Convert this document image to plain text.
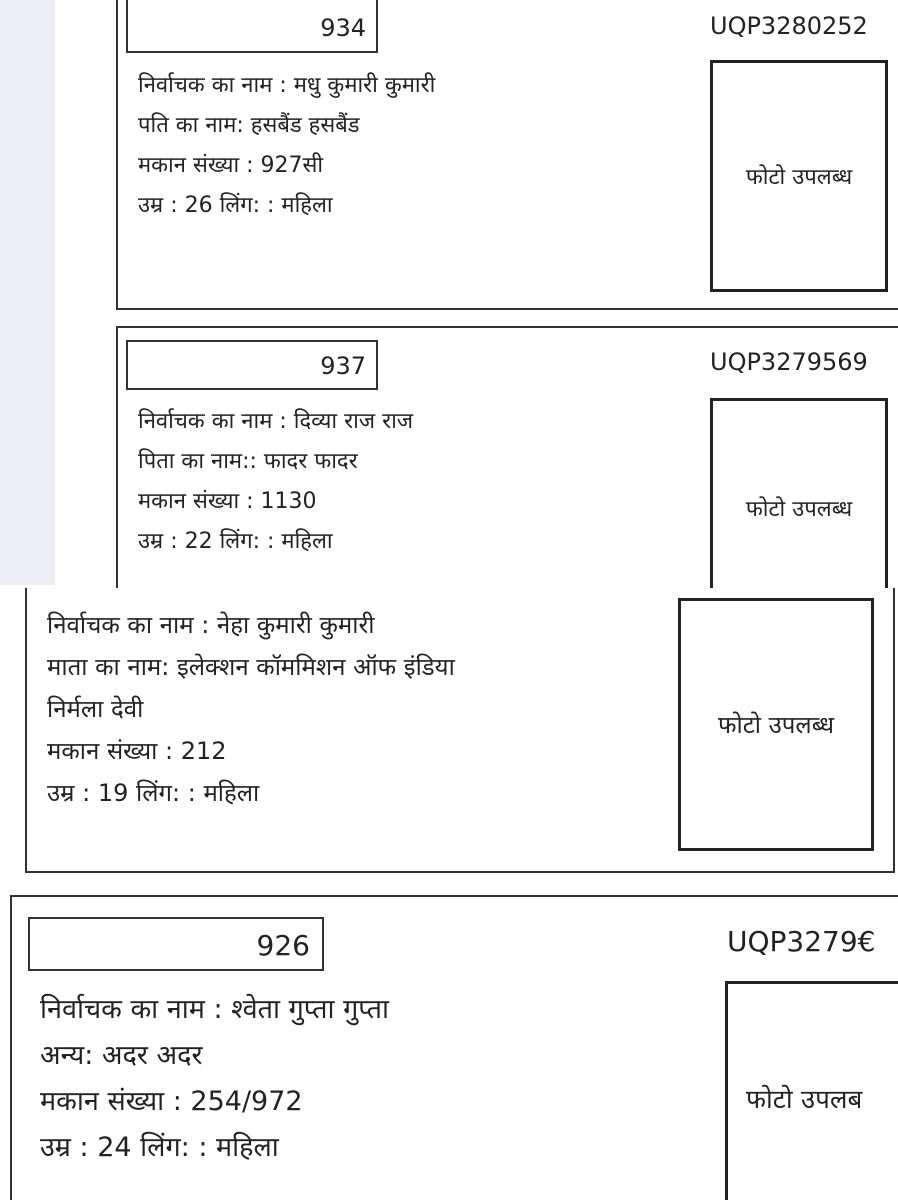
934	UQP3280252
निर्वाचक का नाम : मधु कुमारी कुमारी
पति का नाम: हसबैंड हसबैंड
मकान संख्या : 927सी
उम्र : 26 लिंग: : महिला
फोटो उपलब्ध
937	UQP3279569
निर्वाचक का नाम : दिव्या राज राज
पिता का नाम:: फादर फादर
मकान संख्या : 1130
उम्र : 22 लिंग: : महिला
फोटो उपलब्ध
निर्वाचक का नाम : नेहा कुमारी कुमारी
माता का नाम: इलेक्शन कॉममिशन ऑफ इंडिया
निर्मला देवी
मकान संख्या : 212
उम्र : 19 लिंग: : महिला
फोटो उपलब्ध
926	UQP3279€
निर्वाचक का नाम : श्वेता गुप्ता गुप्ता
अन्य: अदर अदर
मकान संख्या : 254/972
उम्र : 24 लिंग: : महिला
फोटो उपलब
